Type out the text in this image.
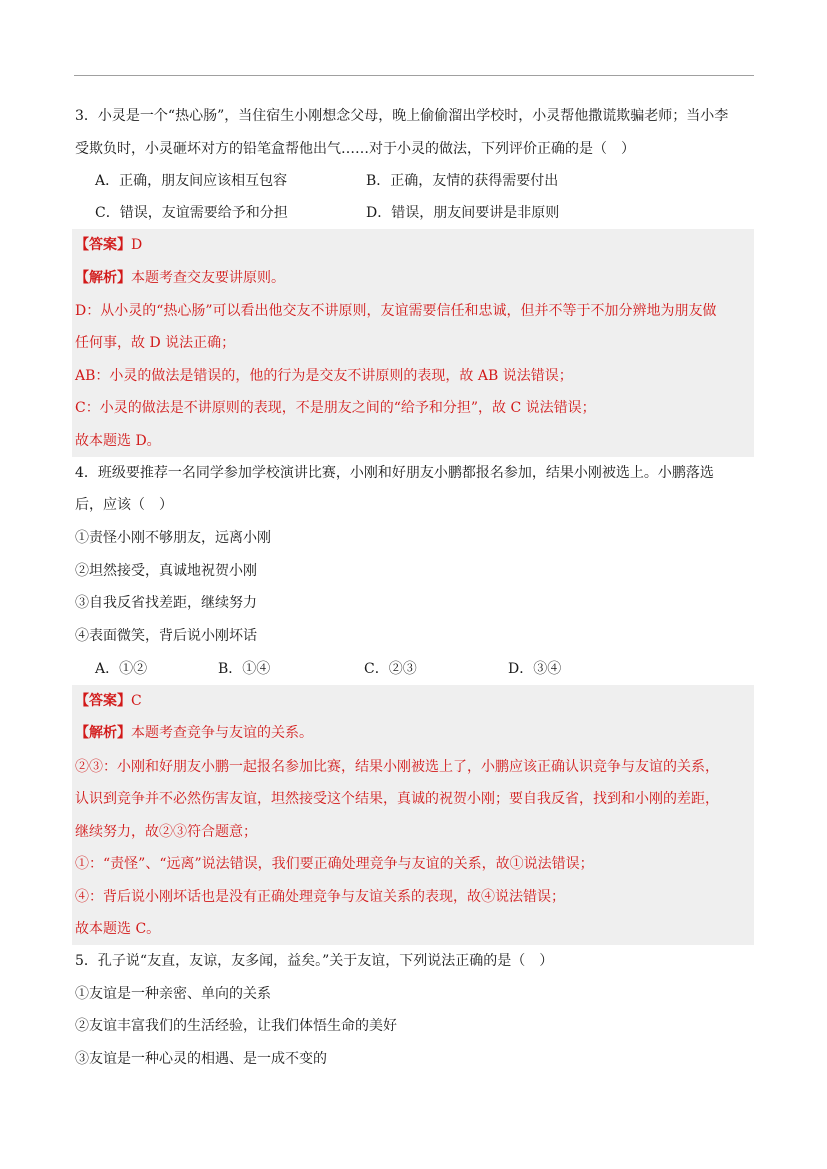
3．小灵是一个“热心肠”，当住宿生小刚想念父母，晚上偷偷溜出学校时，小灵帮他撒谎欺骗老师；当小李
受欺负时，小灵砸坏对方的铅笔盒帮他出气……对于小灵的做法，下列评价正确的是（　）
A．正确，朋友间应该相互包容	B．正确，友情的获得需要付出
C．错误，友谊需要给予和分担	D．错误，朋友间要讲是非原则
【答案】D
【解析】本题考查交友要讲原则。
D：从小灵的“热心肠”可以看出他交友不讲原则，友谊需要信任和忠诚，但并不等于不加分辨地为朋友做
任何事，故 D 说法正确；
AB：小灵的做法是错误的，他的行为是交友不讲原则的表现，故 AB 说法错误；
C：小灵的做法是不讲原则的表现，不是朋友之间的“给予和分担”，故 C 说法错误；
故本题选 D。
4．班级要推荐一名同学参加学校演讲比赛，小刚和好朋友小鹏都报名参加，结果小刚被选上。小鹏落选
后，应该（　）
①责怪小刚不够朋友，远离小刚
②坦然接受，真诚地祝贺小刚
③自我反省找差距，继续努力
④表面微笑，背后说小刚坏话
A．①②	B．①④	C．②③	D．③④
【答案】C
【解析】本题考查竞争与友谊的关系。
②③：小刚和好朋友小鹏一起报名参加比赛，结果小刚被选上了，小鹏应该正确认识竞争与友谊的关系，
认识到竞争并不必然伤害友谊，坦然接受这个结果，真诚的祝贺小刚；要自我反省，找到和小刚的差距，
继续努力，故②③符合题意；
①：“责怪”、“远离”说法错误，我们要正确处理竞争与友谊的关系，故①说法错误；
④：背后说小刚坏话也是没有正确处理竞争与友谊关系的表现，故④说法错误；
故本题选 C。
5．孔子说“友直，友谅，友多闻，益矣。”关于友谊，下列说法正确的是（　）
①友谊是一种亲密、单向的关系
②友谊丰富我们的生活经验，让我们体悟生命的美好
③友谊是一种心灵的相遇、是一成不变的
